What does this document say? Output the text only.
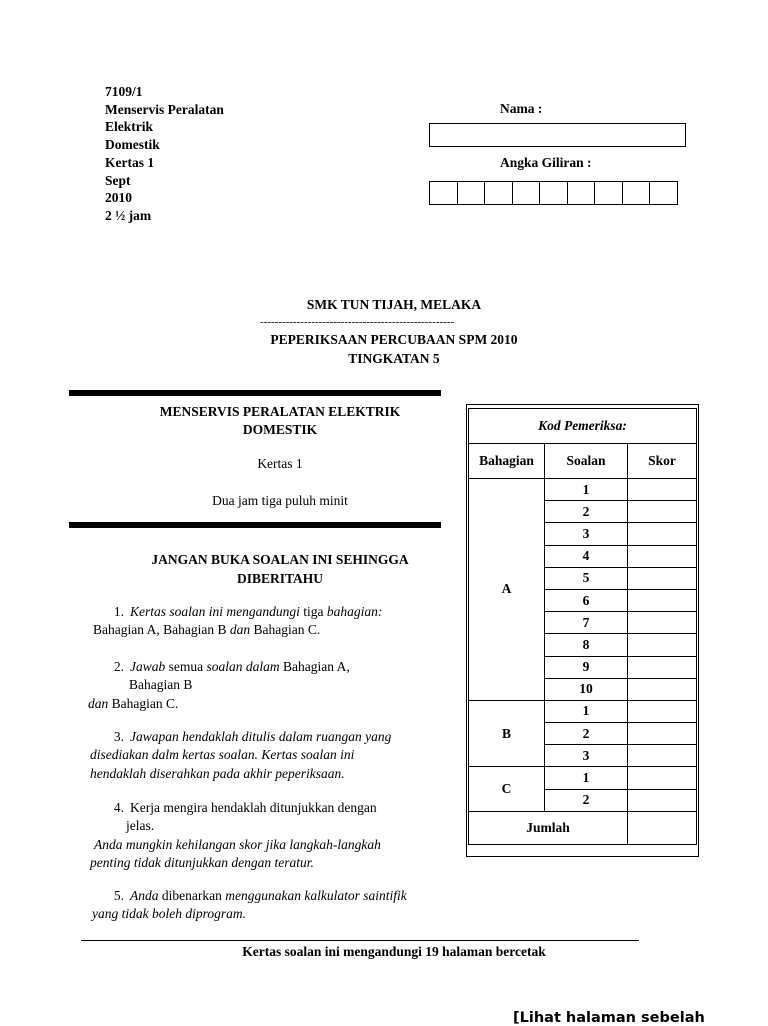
7109/1
Menservis Peralatan
Elektrik
Domestik
Kertas 1
Sept
2010
2 ½ jam
Nama :
Angka Giliran :
SMK TUN TIJAH, MELAKA
-----------------------------------------------------
PEPERIKSAAN PERCUBAAN SPM 2010
TINGKATAN 5
MENSERVIS PERALATAN ELEKTRIK
DOMESTIK
Kertas 1
Dua jam tiga puluh minit
JANGAN BUKA SOALAN INI SEHINGGA
DIBERITAHU
1. Kertas soalan ini mengandungi tiga bahagian:
Bahagian A, Bahagian B dan Bahagian C.
2. Jawab semua soalan dalam Bahagian A,
Bahagian B
dan Bahagian C.
3. Jawapan hendaklah ditulis dalam ruangan yang
disediakan dalm kertas soalan. Kertas soalan ini
hendaklah diserahkan pada akhir peperiksaan.
4. Kerja mengira hendaklah ditunjukkan dengan
jelas.
Anda mungkin kehilangan skor jika langkah-langkah
penting tidak ditunjukkan dengan teratur.
5. Anda dibenarkan menggunakan kalkulator saintifik
yang tidak boleh diprogram.
Kod Pemeriksa:		
Bahagian	Soalan	Skor
A	1	
	2	
	3	
	4	
	5	
	6	
	7	
	8	
	9	
	10	
B	1	
	2	
	3	
C	1	
	2	
Jumlah		
Kertas soalan ini mengandungi 19 halaman bercetak
[Lihat halaman sebelah
